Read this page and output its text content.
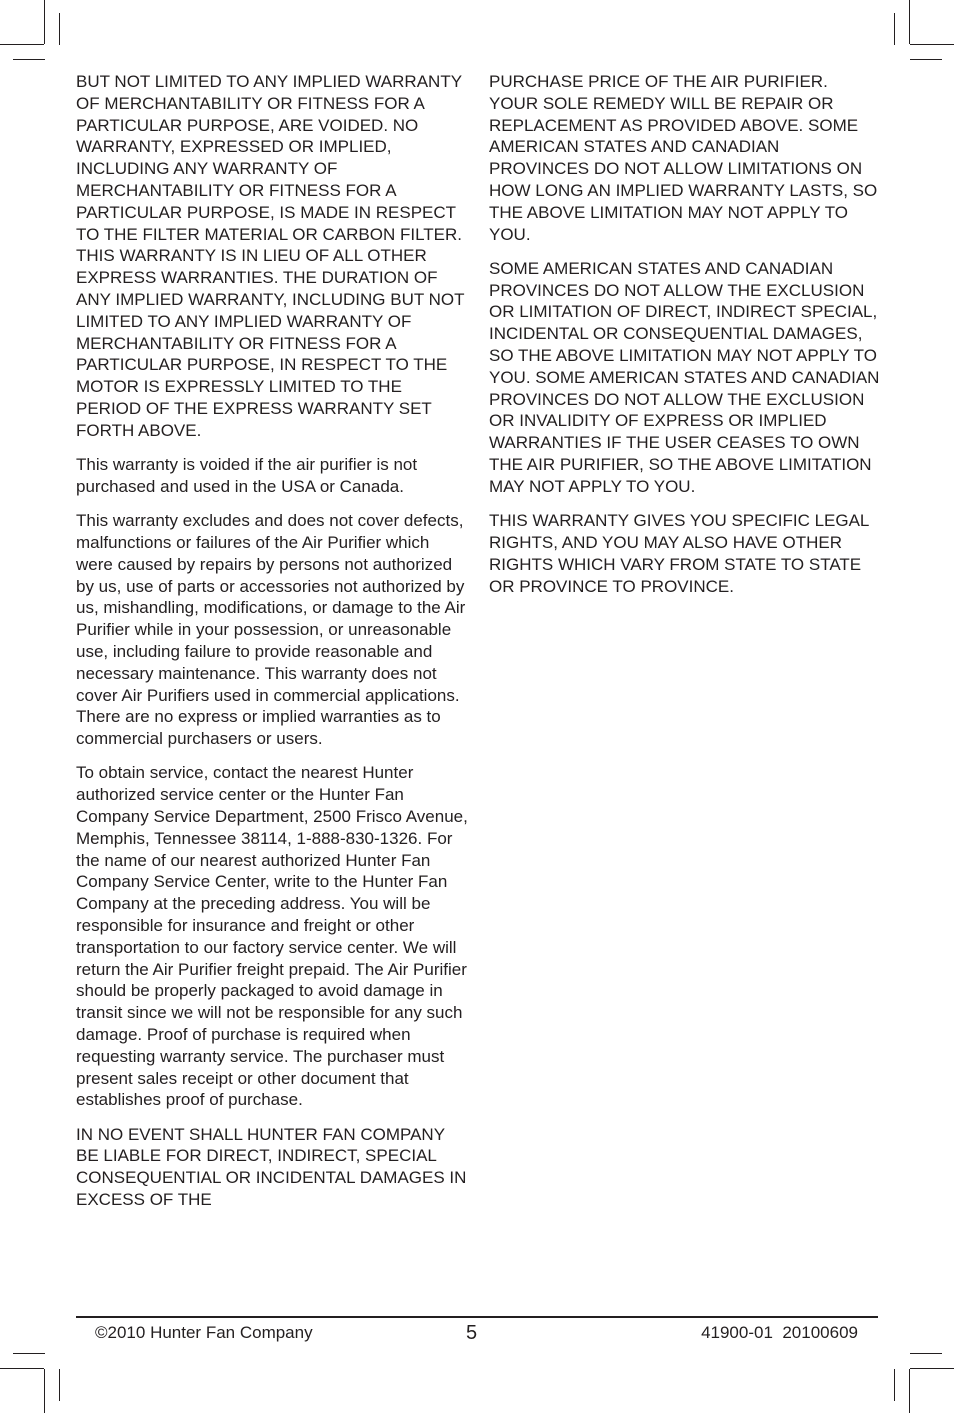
BUT NOT LIMITED TO ANY IMPLIED WARRANTY OF MERCHANTABILITY OR FITNESS FOR A PARTICULAR PURPOSE, ARE VOIDED. NO WARRANTY, EXPRESSED OR IMPLIED, INCLUDING ANY WARRANTY OF MERCHANTABILITY OR FITNESS FOR A PARTICULAR PURPOSE, IS MADE IN RESPECT TO THE FILTER MATERIAL OR CARBON FILTER. THIS WARRANTY IS IN LIEU OF ALL OTHER EXPRESS WARRANTIES. THE DURATION OF ANY IMPLIED WARRANTY, INCLUDING BUT NOT LIMITED TO ANY IMPLIED WARRANTY OF MERCHANTABILITY OR FITNESS FOR A PARTICULAR PURPOSE, IN RESPECT TO THE MOTOR IS EXPRESSLY LIMITED TO THE PERIOD OF THE EXPRESS WARRANTY SET FORTH ABOVE.

This warranty is voided if the air purifier is not purchased and used in the USA or Canada.

This warranty excludes and does not cover defects, malfunctions or failures of the Air Purifier which were caused by repairs by persons not authorized by us, use of parts or accessories not authorized by us, mishandling, modifications, or damage to the Air Purifier while in your possession, or unreasonable use, including failure to provide reasonable and necessary maintenance. This warranty does not cover Air Purifiers used in commercial applications. There are no express or implied warranties as to commercial purchasers or users.

To obtain service, contact the nearest Hunter authorized service center or the Hunter Fan Company Service Department, 2500 Frisco Avenue, Memphis, Tennessee 38114, 1-888-830-1326. For the name of our nearest authorized Hunter Fan Company Service Center, write to the Hunter Fan Company at the preceding address. You will be responsible for insurance and freight or other transportation to our factory service center. We will return the Air Purifier freight prepaid. The Air Purifier should be properly packaged to avoid damage in transit since we will not be responsible for any such damage. Proof of purchase is required when requesting warranty service. The purchaser must present sales receipt or other document that establishes proof of purchase.

IN NO EVENT SHALL HUNTER FAN COMPANY BE LIABLE FOR DIRECT, INDIRECT, SPECIAL CONSEQUENTIAL OR INCIDENTAL DAMAGES IN EXCESS OF THE

PURCHASE PRICE OF THE AIR PURIFIER. YOUR SOLE REMEDY WILL BE REPAIR OR REPLACEMENT AS PROVIDED ABOVE. SOME AMERICAN STATES AND CANADIAN PROVINCES DO NOT ALLOW LIMITATIONS ON HOW LONG AN IMPLIED WARRANTY LASTS, SO THE ABOVE LIMITATION MAY NOT APPLY TO YOU.

SOME AMERICAN STATES AND CANADIAN PROVINCES DO NOT ALLOW THE EXCLUSION OR LIMITATION OF DIRECT, INDIRECT SPECIAL, INCIDENTAL OR CONSEQUENTIAL DAMAGES, SO THE ABOVE LIMITATION MAY NOT APPLY TO YOU. SOME AMERICAN STATES AND CANADIAN PROVINCES DO NOT ALLOW THE EXCLUSION OR INVALIDITY OF EXPRESS OR IMPLIED WARRANTIES IF THE USER CEASES TO OWN THE AIR PURIFIER, SO THE ABOVE LIMITATION MAY NOT APPLY TO YOU.

THIS WARRANTY GIVES YOU SPECIFIC LEGAL RIGHTS, AND YOU MAY ALSO HAVE OTHER RIGHTS WHICH VARY FROM STATE TO STATE OR PROVINCE TO PROVINCE.

©2010 Hunter Fan Company	5	41900-01  20100609
